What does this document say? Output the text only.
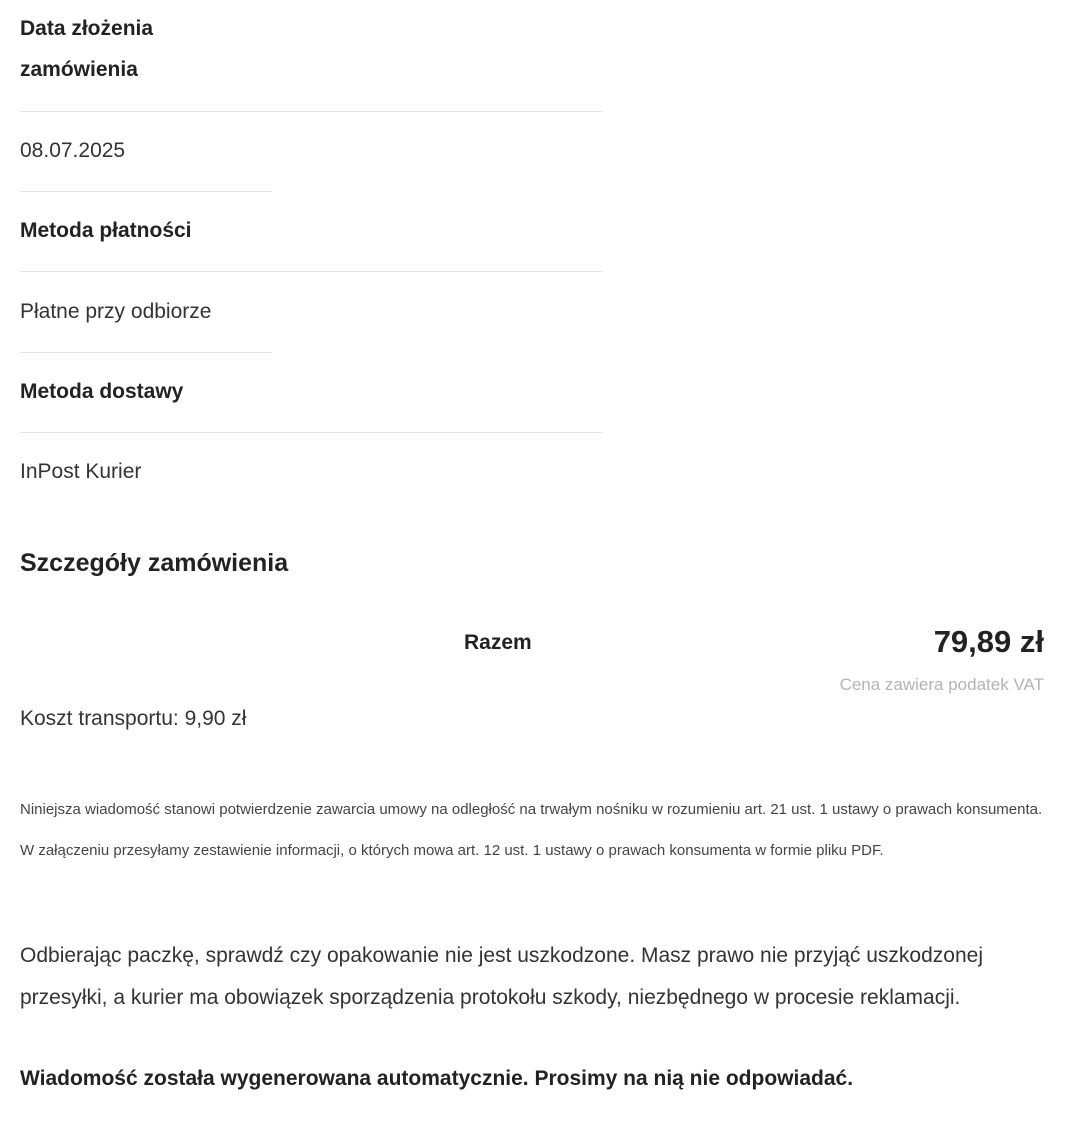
Data złożenia zamówienia
08.07.2025
Metoda płatności
Płatne przy odbiorze
Metoda dostawy
InPost Kurier
Szczegóły zamówienia
Razem	79,89 zł
Cena zawiera podatek VAT
Koszt transportu: 9,90 zł
Niniejsza wiadomość stanowi potwierdzenie zawarcia umowy na odległość na trwałym nośniku w rozumieniu art. 21 ust. 1 ustawy o prawach konsumenta. W załączeniu przesyłamy zestawienie informacji, o których mowa art. 12 ust. 1 ustawy o prawach konsumenta w formie pliku PDF.
Odbierając paczkę, sprawdź czy opakowanie nie jest uszkodzone. Masz prawo nie przyjąć uszkodzonej przesyłki, a kurier ma obowiązek sporządzenia protokołu szkody, niezbędnego w procesie reklamacji.
Wiadomość została wygenerowana automatycznie. Prosimy na nią nie odpowiadać.
